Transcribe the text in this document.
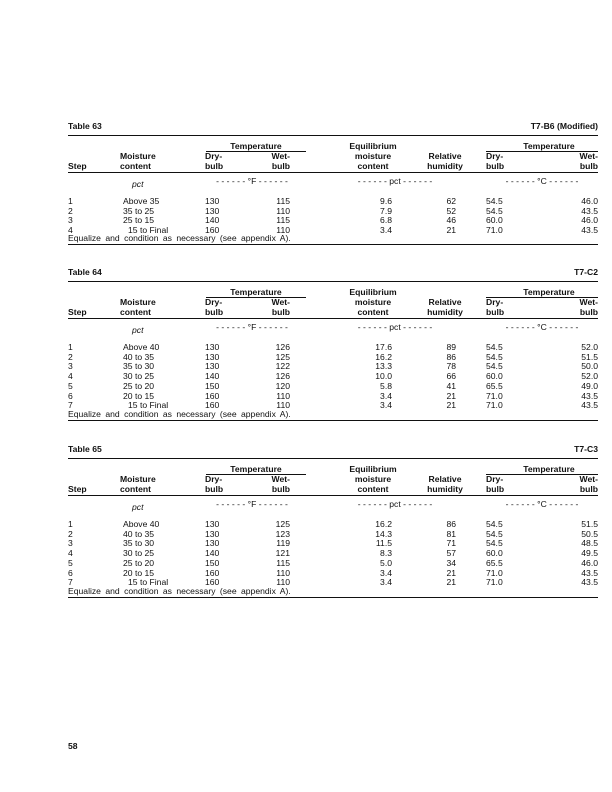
Table 63	T7-B6 (Modified)
Temperature	Equilibrium	Temperature
Moisture	Dry-	Wet-	moisture	Relative	Dry-	Wet-
Step	content	bulb	bulb	content	humidity	bulb	bulb
pct	- - - - - - °F - - - - - -	- - - - - - pct - - - - - -	- - - - - - °C - - - - - -
Equalize and condition as necessary (see appendix A).
1	Above 35	130	115	9.6	62	54.5	46.0
2	35 to 25	130	110	7.9	52	54.5	43.5
3	25 to 15	140	115	6.8	46	60.0	46.0
4	15 to Final	160	110	3.4	21	71.0	43.5
Table 64	T7-C2
Temperature	Equilibrium	Temperature
Moisture	Dry-	Wet-	moisture	Relative	Dry-	Wet-
Step	content	bulb	bulb	content	humidity	bulb	bulb
pct	- - - - - - °F - - - - - -	- - - - - - pct - - - - - -	- - - - - - °C - - - - - -
Equalize and condition as necessary (see appendix A).
1	Above 40	130	126	17.6	89	54.5	52.0
2	40 to 35	130	125	16.2	86	54.5	51.5
3	35 to 30	130	122	13.3	78	54.5	50.0
4	30 to 25	140	126	10.0	66	60.0	52.0
5	25 to 20	150	120	5.8	41	65.5	49.0
6	20 to 15	160	110	3.4	21	71.0	43.5
7	15 to Final	160	110	3.4	21	71.0	43.5
Table 65	T7-C3
Temperature	Equilibrium	Temperature
Moisture	Dry-	Wet-	moisture	Relative	Dry-	Wet-
Step	content	bulb	bulb	content	humidity	bulb	bulb
pct	- - - - - - °F - - - - - -	- - - - - - pct - - - - - -	- - - - - - °C - - - - - -
Equalize and condition as necessary (see appendix A).
1	Above 40	130	125	16.2	86	54.5	51.5
2	40 to 35	130	123	14.3	81	54.5	50.5
3	35 to 30	130	119	11.5	71	54.5	48.5
4	30 to 25	140	121	8.3	57	60.0	49.5
5	25 to 20	150	115	5.0	34	65.5	46.0
6	20 to 15	160	110	3.4	21	71.0	43.5
7	15 to Final	160	110	3.4	21	71.0	43.5
58
